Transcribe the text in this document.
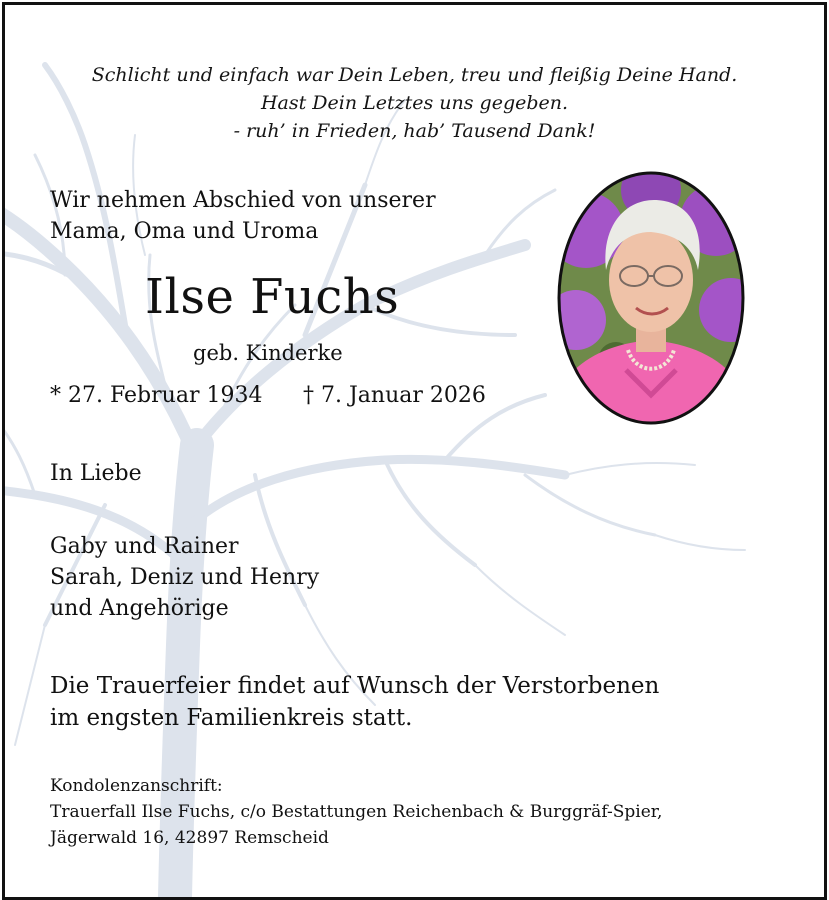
Schlicht und einfach war Dein Leben, treu und fleißig Deine Hand.
Hast Dein Letztes uns gegeben.
- ruh’ in Frieden, hab’ Tausend Dank!
Wir nehmen Abschied von unserer
Mama, Oma und Uroma
Ilse Fuchs
geb. Kinderke
* 27. Februar 1934 † 7. Januar 2026
In Liebe
Gaby und Rainer
Sarah, Deniz und Henry
und Angehörige
Die Trauerfeier findet auf Wunsch der Verstorbenen
im engsten Familienkreis statt.
Kondolenzanschrift:
Trauerfall Ilse Fuchs, c/o Bestattungen Reichenbach & Burggräf-Spier,
Jägerwald 16, 42897 Remscheid
